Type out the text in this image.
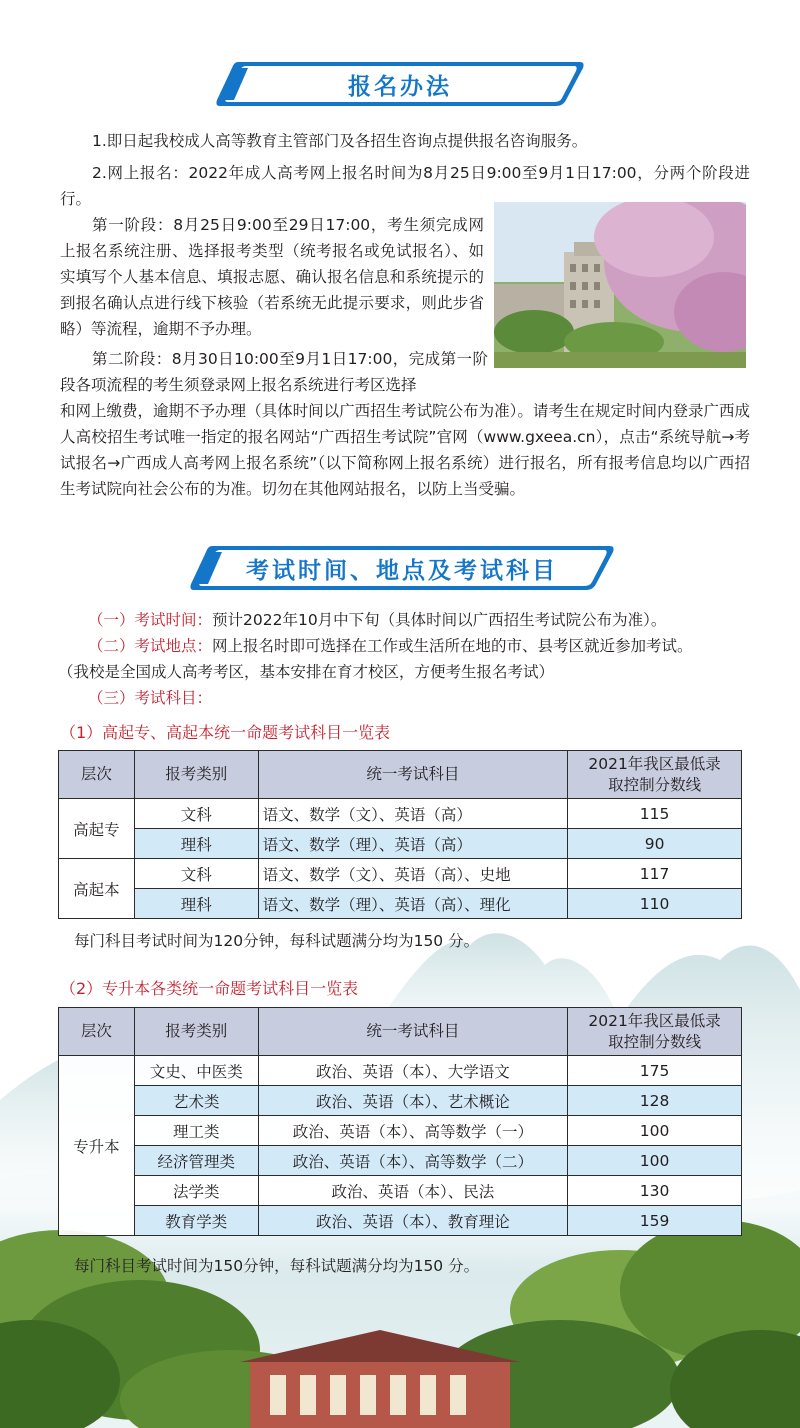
报名办法

1.即日起我校成人高等教育主管部门及各招生咨询点提供报名咨询服务。

2.网上报名：2022年成人高考网上报名时间为8月25日9:00至9月1日17:00，分两个阶段进行。

第一阶段：8月25日9:00至29日17:00，考生须完成网上报名系统注册、选择报考类型（统考报名或免试报名）、如实填写个人基本信息、填报志愿、确认报名信息和系统提示的到报名确认点进行线下核验（若系统无此提示要求，则此步省略）等流程，逾期不予办理。

第二阶段：8月30日10:00至9月1日17:00，完成第一阶段各项流程的考生须登录网上报名系统进行考区选择

和网上缴费，逾期不予办理（具体时间以广西招生考试院公布为准）。请考生在规定时间内登录广西成人高校招生考试唯一指定的报名网站“广西招生考试院”官网（www.gxeea.cn），点击“系统导航→考试报名→广西成人高考网上报名系统”（以下简称网上报名系统）进行报名，所有报考信息均以广西招生考试院向社会公布的为准。切勿在其他网站报名，以防上当受骗。

考试时间、地点及考试科目
（一）考试时间：预计2022年10月中下旬（具体时间以广西招生考试院公布为准）。
（二）考试地点：网上报名时即可选择在工作或生活所在地的市、县考区就近参加考试。
（我校是全国成人高考考区，基本安排在育才校区，方便考生报名考试）
（三）考试科目：
（1）高起专、高起本统一命题考试科目一览表
层次	报考类别	统一考试科目	2021年我区最低录取控制分数线
高起专	文科	语文、数学（文）、英语（高）	115
	理科	语文、数学（理）、英语（高）	90
高起本	文科	语文、数学（文）、英语（高）、史地	117
	理科	语文、数学（理）、英语（高）、理化	110
每门科目考试时间为120分钟，每科试题满分均为150 分。
（2）专升本各类统一命题考试科目一览表
层次	报考类别	统一考试科目	2021年我区最低录取控制分数线
专升本	文史、中医类	政治、英语（本）、大学语文	175
	艺术类	政治、英语（本）、艺术概论	128
	理工类	政治、英语（本）、高等数学（一）	100
	经济管理类	政治、英语（本）、高等数学（二）	100
	法学类	政治、英语（本）、民法	130
	教育学类	政治、英语（本）、教育理论	159
每门科目考试时间为150分钟，每科试题满分均为150 分。
